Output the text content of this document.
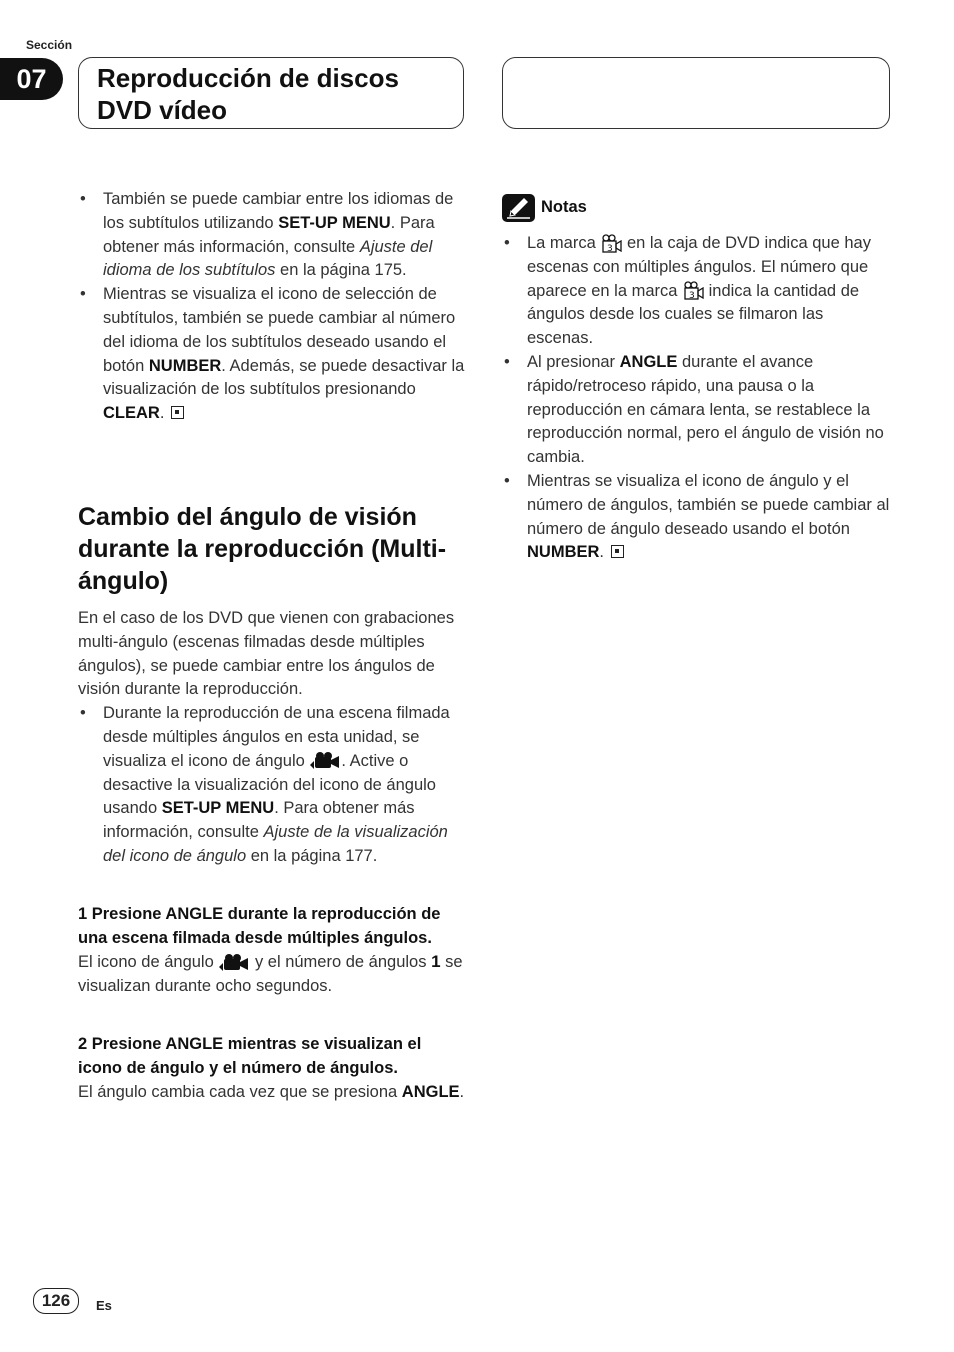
Sección
07	Reproducción de discos
DVD vídeo
• También se puede cambiar entre los idiomas de los subtítulos utilizando SET-UP MENU. Para obtener más información, consulte Ajuste del idioma de los subtítulos en la página 175.
• Mientras se visualiza el icono de selección de subtítulos, también se puede cambiar al número del idioma de los subtítulos deseado usando el botón NUMBER. Además, se puede desactivar la visualización de los subtítulos presionando CLEAR.
Cambio del ángulo de visión durante la reproducción (Multi-ángulo)

En el caso de los DVD que vienen con grabaciones multi-ángulo (escenas filmadas desde múltiples ángulos), se puede cambiar entre los ángulos de visión durante la reproducción.

• Durante la reproducción de una escena filmada desde múltiples ángulos en esta unidad, se visualiza el icono de ángulo . Active o desactive la visualización del icono de ángulo usando SET-UP MENU. Para obtener más información, consulte Ajuste de la visualización del icono de ángulo en la página 177.

1 Presione ANGLE durante la reproducción de una escena filmada desde múltiples ángulos.

El icono de ángulo  y el número de ángulos 1 se visualizan durante ocho segundos.

2 Presione ANGLE mientras se visualizan el icono de ángulo y el número de ángulos.

El ángulo cambia cada vez que se presiona ANGLE.

Notas
• La marca 3 en la caja de DVD indica que hay escenas con múltiples ángulos. El número que aparece en la marca 3 indica la cantidad de ángulos desde los cuales se filmaron las escenas.
• Al presionar ANGLE durante el avance rápido/retroceso rápido, una pausa o la reproducción en cámara lenta, se restablece la reproducción normal, pero el ángulo de visión no cambia.
• Mientras se visualiza el icono de ángulo y el número de ángulos, también se puede cambiar al número de ángulo deseado usando el botón NUMBER.
126	Es
